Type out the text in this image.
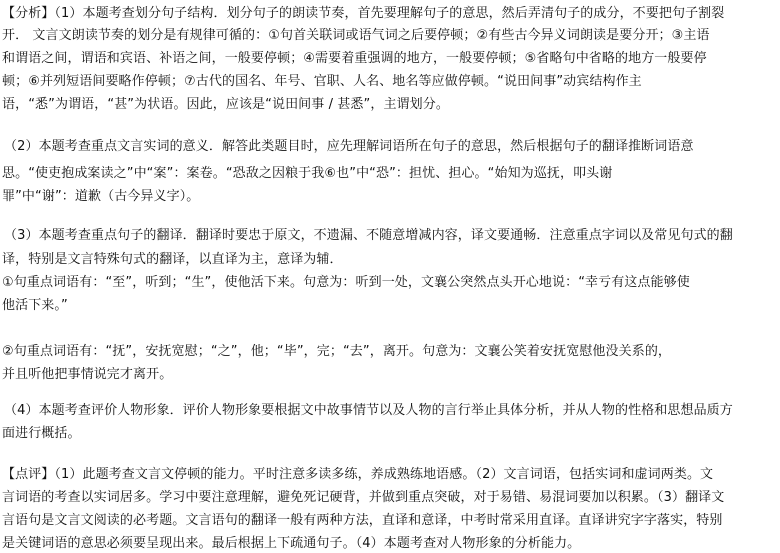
【分析】（1）本题考查划分句子结构．划分句子的朗读节奏，首先要理解句子的意思，然后弄清句子的成分，不要把句子割裂
开． 文言文朗读节奏的划分是有规律可循的：①句首关联词或语气词之后要停顿；②有些古今异义词朗读是要分开；③主语
和谓语之间，谓语和宾语、补语之间，一般要停顿；④需要着重强调的地方，一般要停顿；⑤省略句中省略的地方一般要停
顿；⑥并列短语间要略作停顿；⑦古代的国名、年号、官职、人名、地名等应做停顿。“说田间事”动宾结构作主
语，“悉”为谓语，“甚”为状语。因此，应该是“说田间事 / 甚悉”，主谓划分。
（2）本题考查重点文言实词的意义．解答此类题目时，应先理解词语所在句子的意思，然后根据句子的翻译推断词语意
思。“使吏抱成案读之”中“案”：案卷。“恐敌之因粮于我⑥也”中“恐”：担忧、担心。“始知为巡抚，叩头谢
罪”中“谢”：道歉（古今异义字）。
（3）本题考查重点句子的翻译．翻译时要忠于原文，不遗漏、不随意增减内容，译文要通畅．注意重点字词以及常见句式的翻
译，特别是文言特殊句式的翻译，以直译为主，意译为辅．
①句重点词语有：“至”，听到；“生”，使他活下来。句意为：听到一处，文襄公突然点头开心地说：“幸亏有这点能够使
他活下来。”
②句重点词语有：“抚”，安抚宽慰；“之”，他；“毕”，完；“去”，离开。句意为：文襄公笑着安抚宽慰他没关系的，
并且听他把事情说完才离开。
（4）本题考查评价人物形象．评价人物形象要根据文中故事情节以及人物的言行举止具体分析，并从人物的性格和思想品质方
面进行概括。
【点评】（1）此题考查文言文停顿的能力。平时注意多读多练，养成熟练地语感。（2）文言词语，包括实词和虚词两类。文
言词语的考查以实词居多。学习中要注意理解，避免死记硬背，并做到重点突破，对于易错、易混词要加以积累。（3）翻译文
言语句是文言文阅读的必考题。文言语句的翻译一般有两种方法，直译和意译，中考时常采用直译。直译讲究字字落实，特别
是关键词语的意思必须要呈现出来。最后根据上下疏通句子。（4）本题考查对人物形象的分析能力。
